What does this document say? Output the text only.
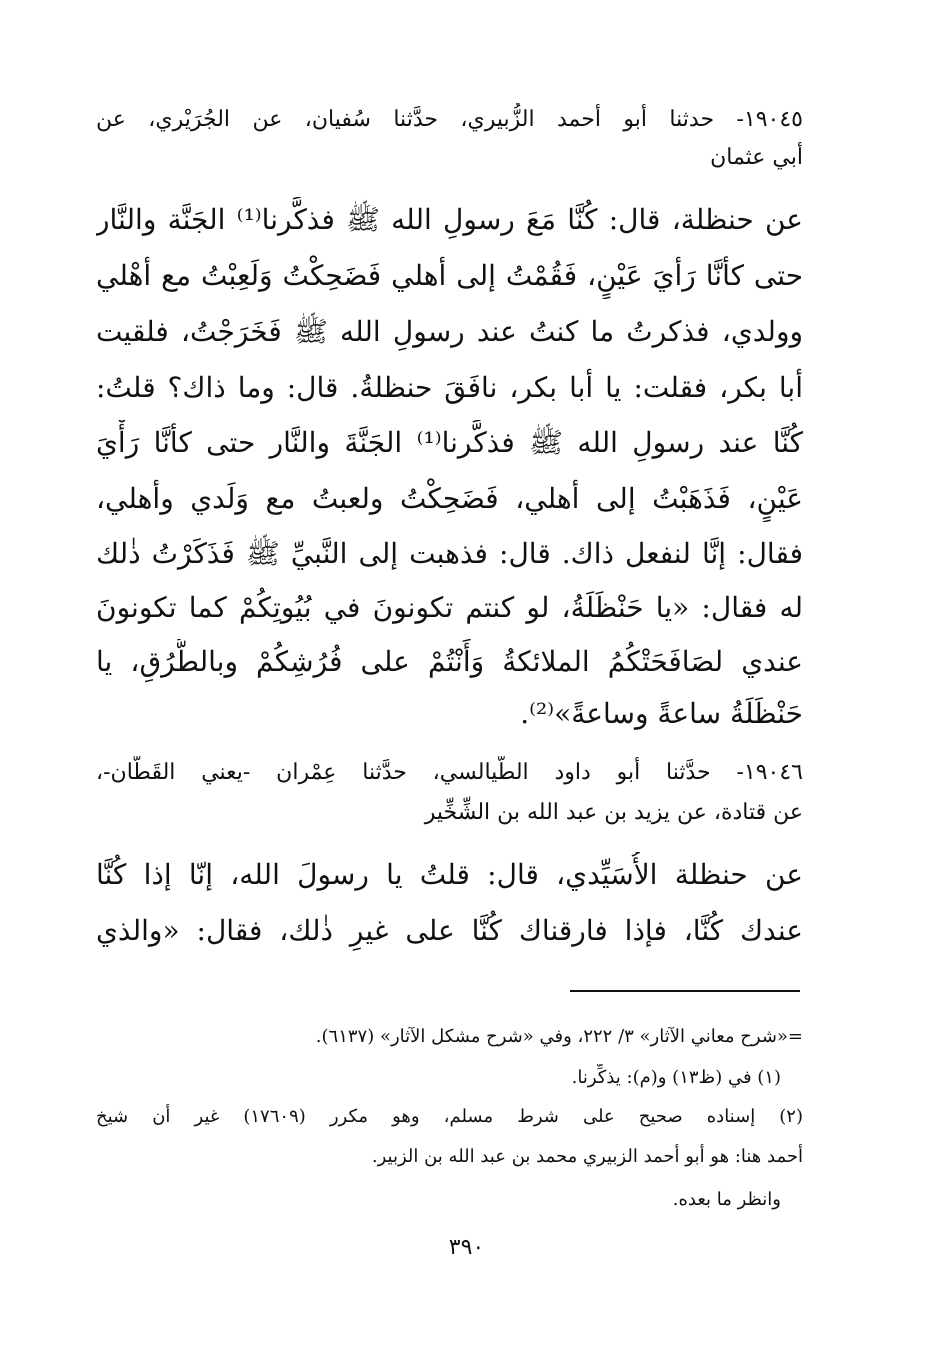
١٩٠٤٥- حدثنا أبو أحمد الزُّبيري، حدَّثنا سُفيان، عن الجُرَيْري، عن
أبي عثمان
عن حنظلة، قال: كُنَّا مَعَ رسولِ الله ﷺ فذكَّرنا⁽¹⁾ الجَنَّة والنَّار
حتى كأنَّا رَأيَ عَيْنٍ، فَقُمْتُ إلى أهلي فَضَحِكْتُ وَلَعِبْتُ مع أهْلي
وولدي، فذكرتُ ما كنتُ عند رسولِ الله ﷺ فَخَرَجْتُ، فلقيت
أبا بكر، فقلت: يا أبا بكر، نافَقَ حنظلةُ. قال: وما ذاك؟ قلتُ:
كُنَّا عند رسولِ الله ﷺ فذكَّرنا⁽¹⁾ الجَنَّةَ والنَّار حتى كأنَّا رَأْيَ
عَيْنٍ، فَذَهَبْتُ إلى أهلي، فَضَحِكْتُ ولعبتُ مع وَلَدي وأهلي،
فقال: إنَّا لنفعل ذاك. قال: فذهبت إلى النَّبيِّ ﷺ فَذَكَرْتُ ذٰلك
له فقال: «يا حَنْظَلَةُ، لو كنتم تكونونَ في بُيُوتِكُمْ كما تكونونَ
عندي لصَافَحَتْكُمُ الملائكةُ وَأَنْتُمْ على فُرُشِكُمْ وبالطُّرُقِ، يا
حَنْظَلَةُ ساعةً وساعةً»⁽²⁾.
١٩٠٤٦- حدَّثنا أبو داود الطَّيالسي، حدَّثنا عِمْران -يعني القَطَّان-،
عن قتادة، عن يزيد بن عبد الله بن الشِّخِّير
عن حنظلة الأُسَيِّدي، قال: قلتُ يا رسولَ الله، إنّا إذا كُنَّا
عندك كُنَّا، فإذا فارقناك كُنَّا على غيرِ ذٰلك، فقال: «والذي
=«شرح معاني الآثار» ٣/ ٢٢٢، وفي «شرح مشكل الآثار» (٦١٣٧).
(١) في (ظ١٣) و(م): يذكِّرنا.
(٢) إسناده صحيح على شرط مسلم، وهو مكرر (١٧٦٠٩) غير أن شيخ
أحمد هنا: هو أبو أحمد الزبيري محمد بن عبد الله بن الزبير.
وانظر ما بعده.
٣٩٠
